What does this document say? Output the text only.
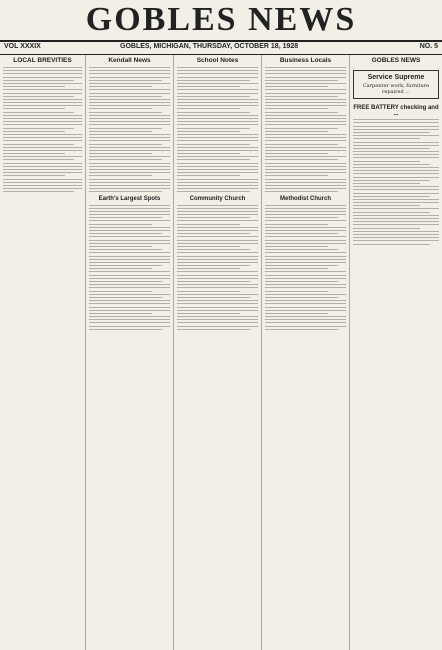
GOBLES NEWS
VOL XXXIX	GOBLES, MICHIGAN, THURSDAY, OCTOBER 18, 1928	NO. 5
LOCAL BREVITIES	Kendall News
Earth's Largest Spots
School Notes
Community Church
Business Locals
Methodist Church
GOBLES NEWS
Service Supreme
Carpenter work, furniture repaired ...
FREE BATTERY checking and ...
